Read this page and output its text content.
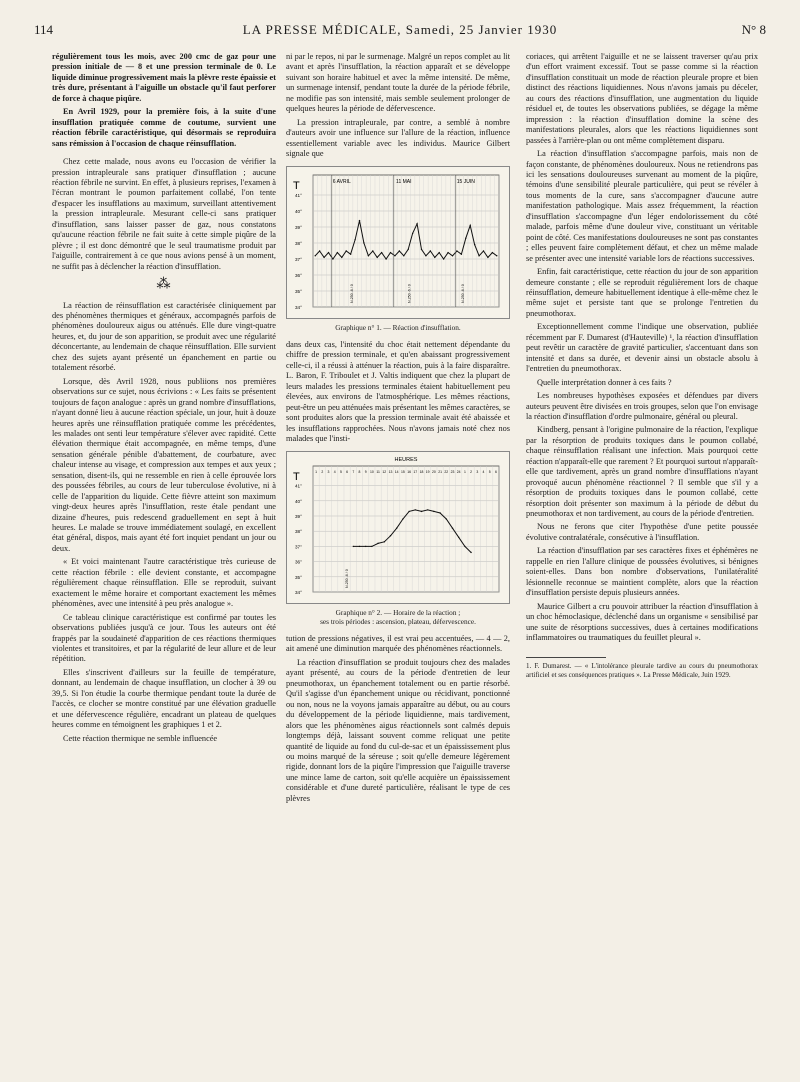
114	LA PRESSE MÉDICALE, Samedi, 25 Janvier 1930	N° 8

régulièrement tous les mois, avec 200 cmc de gaz pour une pression initiale de — 8 et une pression terminale de 0. Le liquide diminue progressivement mais la plèvre reste épaissie et très dure, présentant à l'aiguille un obstacle qu'il faut perforer de force à chaque piqûre.

En Avril 1929, pour la première fois, à la suite d'une insufflation pratiquée comme de coutume, survient une réaction fébrile caractéristique, qui désormais se reproduira sans rémission à l'occasion de chaque réinsufflation.

Chez cette malade, nous avons eu l'occasion de vérifier la pression intrapleurale sans pratiquer d'insufflation ; aucune réaction fébrile ne survint. En effet, à plusieurs reprises, l'examen à l'écran montrant le poumon parfaitement collabé, l'on tente d'espacer les insufflations au maximum, surveillant attentivement la pression intrapleurale. Mesurant celle-ci sans pratiquer d'insufflation, sans laisser passer de gaz, nous constatons qu'aucune réaction fébrile ne fait suite à cette simple piqûre de la plèvre ; il est donc démontré que le seul traumatisme produit par l'aiguille, contrairement à ce que nous avions pensé à un moment, ne suffit pas à déclencher la réaction d'insufflation.

⁂

La réaction de réinsufflation est caractérisée cliniquement par des phénomènes thermiques et généraux, accompagnés parfois de phénomènes douloureux aigus ou atténués. Elle dure vingt-quatre heures, et, du jour de son apparition, se produit avec une régularité déconcertante, au lendemain de chaque réinsufflation. Elle survient chez des sujets ayant présenté un épanchement en partie ou totalement résorbé.

Lorsque, dès Avril 1928, nous publiions nos premières observations sur ce sujet, nous écrivions : « Les faits se présentent toujours de façon analogue : après un grand nombre d'insufflations, n'ayant donné lieu à aucune réaction spéciale, un jour, huit à douze heures après une réinsufflation pratiquée comme les précédentes, les malades ont senti leur température s'élever avec rapidité. Cette élévation thermique était accompagnée, en même temps, d'une sensation générale pénible d'abattement, de courbature, avec chaleur intense au visage, et compression aux tempes et aux yeux ; sensation, disent-ils, qui ne ressemble en rien à celle éprouvée lors des poussées fébriles, au cours de leur tuberculose évolutive, ni à celle de l'apparition du liquide. Cette fièvre atteint son maximum vingt-deux heures après l'insufflation, reste étale pendant une dizaine d'heures, puis redescend graduellement en sept à huit heures. Le malade se trouve immédiatement soulagé, en excellent état général, dispos, mais ayant été fort inquiet pendant un jour ou deux.

« Et voici maintenant l'autre caractéristique très curieuse de cette réaction fébrile : elle devient constante, et accompagne régulièrement chaque réinsufflation. Elle se reproduit, suivant exactement le même horaire et comportant exactement les mêmes phénomènes, avec une intensité à peu près analogue ».

Ce tableau clinique caractéristique est confirmé par toutes les observations publiées jusqu'à ce jour. Tous les auteurs ont été frappés par la soudaineté d'apparition de ces réactions thermiques violentes et transitoires, et par la régularité de leur allure et de leur répétition.

Elles s'inscrivent d'ailleurs sur la feuille de température, donnant, au lendemain de chaque insufflation, un clocher à 39 ou 39,5. Si l'on étudie la courbe thermique pendant toute la durée de l'accès, ce clocher se montre constitué par une élévation graduelle et une défervescence régulière, encadrant un plateau de quelques heures comme en témoignent les graphiques 1 et 2.

Cette réaction thermique ne semble influencée

ni par le repos, ni par le surmenage. Malgré un repos complet au lit avant et après l'insufflation, la réaction apparaît et se développe suivant son horaire habituel et avec la même intensité. De même, un surmenage intensif, pendant toute la durée de la période fébrile, ne modifie pas son intensité, mais semble seulement prolonger de quelques heures la période de défervescence.

La pression intrapleurale, par contre, a semblé à nombre d'auteurs avoir une influence sur l'allure de la réaction, influence essentiellement variable avec les individus. Maurice Gilbert signale que

T
41°
40°
39°
38°
37°
36°
35°
34°
6 AVRIL	11 MAI	15 JUIN
N.250 -6 / 0	N.250 -6 / 0	N.250 -6 / 0
Graphique n° 1. — Réaction d'insufflation.

dans deux cas, l'intensité du choc était nettement dépendante du chiffre de pression terminale, et qu'en abaissant progressivement celle-ci, il a réussi à atténuer la réaction, puis à la faire disparaître. L. Baron, F. Triboulet et J. Valtis indiquent que chez la plupart de leurs malades les pressions terminales étaient habituellement peu élevées, aux environs de l'atmosphérique. Les mêmes réactions, peut-être un peu atténuées mais présentant les mêmes caractères, se sont produites alors que la pression terminale avait été abaissée et les insufflations rapprochées. Nous n'avons jamais noté chez nos malades que l'insti-

T
41°
40°
39°
38°
37°
36°
35°
34°
HEURES
1 2 3 4 5 6 7 8 9 10 11 12 13 14 15 16 17 18 19 20 21 22 23 24 1 2 3 4 5 6
N.250 -6 / 0
Graphique n° 2. — Horaire de la réaction ;
ses trois périodes : ascension, plateau, défervescence.

tution de pressions négatives, il est vrai peu accentuées, — 4 — 2, ait amené une diminution marquée des phénomènes réactionnels.

La réaction d'insufflation se produit toujours chez des malades ayant présenté, au cours de la période d'entretien de leur pneumothorax, un épanchement totalement ou en partie résorbé. Qu'il s'agisse d'un épanchement unique ou récidivant, ponctionné ou non, nous ne la voyons jamais apparaître au début, ou au cours du développement de la période liquidienne, mais tardivement, alors que les phénomènes aigus réactionnels sont calmés depuis longtemps déjà, laissant souvent comme reliquat une petite quantité de liquide au fond du cul-de-sac et un épaississement plus ou moins marqué de la séreuse ; soit qu'elle demeure légèrement rigide, donnant lors de la piqûre l'impression que l'aiguille traverse une mince lame de carton, soit qu'elle acquière un épaississement considérable et d'une dureté particulière, réalisant le type de ces plèvres

coriaces, qui arrêtent l'aiguille et ne se laissent traverser qu'au prix d'un effort vraiment excessif. Tout se passe comme si la réaction d'insufflation constituait un mode de réaction pleurale propre et bien distinct des réactions liquidiennes. Nous n'avons jamais pu déceler, au cours des réactions d'insufflation, une augmentation du liquide résiduel et, de toutes les observations publiées, se dégage la même impression : la réaction d'insufflation domine la scène des manifestations pleurales, alors que les réactions liquidiennes sont passées à l'arrière-plan ou ont même complètement disparu.

La réaction d'insufflation s'accompagne parfois, mais non de façon constante, de phénomènes douloureux. Nous ne retiendrons pas ici les sensations douloureuses survenant au moment de la piqûre, témoins d'une sensibilité pleurale particulière, qui peut se révéler à tous moments de la cure, sans s'accompagner d'aucune autre manifestation pathologique. Mais assez fréquemment, la réaction d'insufflation s'accompagne d'un léger endolorissement du côté malade, parfois même d'une douleur vive, constituant un véritable point de côté. Ces manifestations douloureuses ne sont pas constantes ; elles peuvent faire complètement défaut, et chez un même malade se présenter avec une intensité variable lors de réactions successives.

Enfin, fait caractéristique, cette réaction du jour de son apparition demeure constante ; elle se reproduit régulièrement lors de chaque réinsufflation, demeure habituellement identique à elle-même chez le même sujet et persiste tant que se prolonge l'entretien du pneumothorax.

Exceptionnellement comme l'indique une observation, publiée récemment par F. Dumarest (d'Hauteville) ¹, la réaction d'insufflation peut revêtir un caractère de gravité particulier, s'accentuant dans son intensité et dans sa durée, et devenir ainsi un obstacle absolu à l'entretien du pneumothorax.

Quelle interprétation donner à ces faits ?

Les nombreuses hypothèses exposées et défendues par divers auteurs peuvent être divisées en trois groupes, selon que l'on envisage la réaction d'insufflation d'ordre pulmonaire, général ou pleural.

Kindberg, pensant à l'origine pulmonaire de la réaction, l'explique par la résorption de produits toxiques dans le poumon collabé, chaque réinsufflation réalisant une infection. Mais pourquoi cette réaction n'apparaît-elle que rarement ? Et pourquoi surtout n'apparaît-elle que tardivement, après un grand nombre d'insufflations n'ayant provoqué aucun phénomène réactionnel ? Il semble que s'il y a résorption de produits toxiques dans le poumon collabé, cette résorption doit présenter son maximum à la période de début du pneumothorax et non tardivement, au cours de la période d'entretien.

Nous ne ferons que citer l'hypothèse d'une petite poussée évolutive contralatérale, consécutive à l'insufflation.

La réaction d'insufflation par ses caractères fixes et éphémères ne rappelle en rien l'allure clinique de poussées évolutives, si bénignes soient-elles. Dans bon nombre d'observations, l'unilatéralité lésionnelle reconnue se maintient complète, alors que la réaction d'insufflation persiste depuis plusieurs années.

Maurice Gilbert a cru pouvoir attribuer la réaction d'insufflation à un choc hémoclasique, déclenché dans un organisme « sensibilisé par une suite de résorptions successives, dues à certaines modifications inflammatoires ou traumatiques du feuillet pleural ».

1. F. Dumarest. — « L'intolérance pleurale tardive au cours du pneumothorax artificiel et ses conséquences pratiques ». La Presse Médicale, Juin 1929.
